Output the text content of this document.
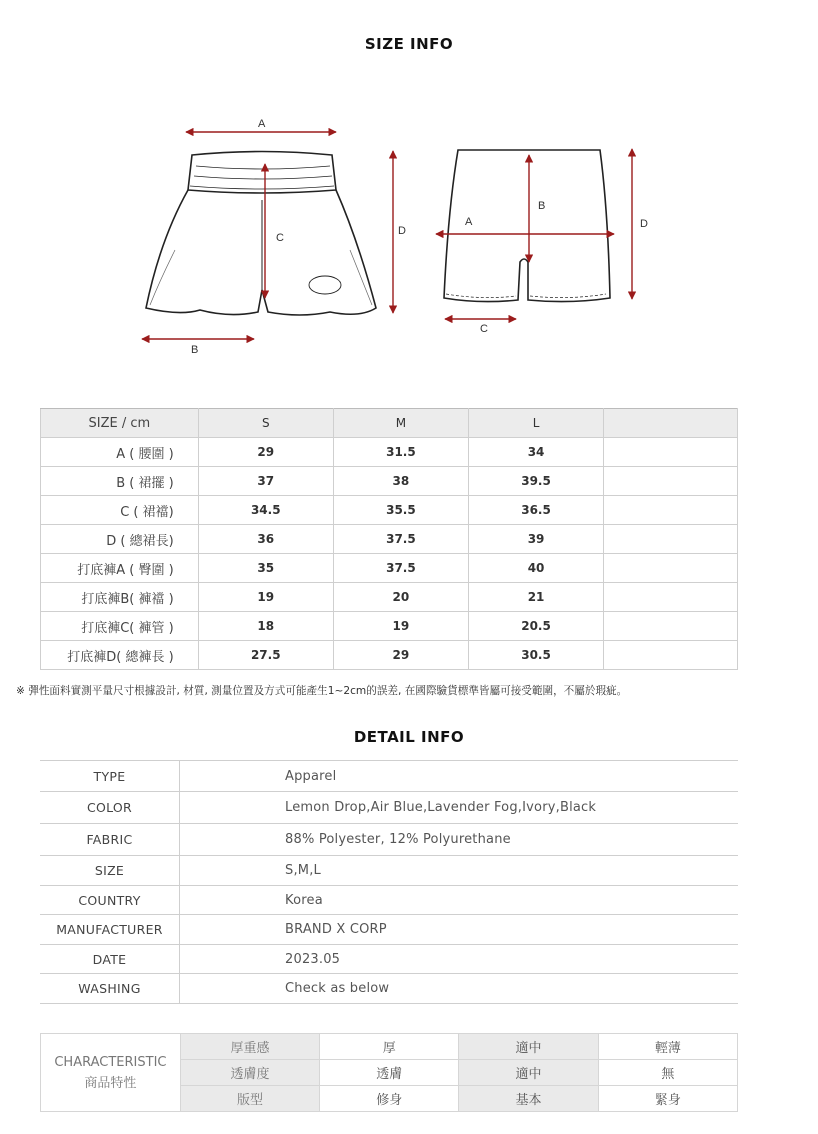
SIZE INFO
A
B
C
D
A
B
C
D
SIZE / cm	S	M	L	
A ( 腰圍 )	29	31.5	34	
B ( 裙擺 )	37	38	39.5	
C ( 裙襠)	34.5	35.5	36.5	
D ( 總裙長)	36	37.5	39	
打底褲A ( 臀圍 )	35	37.5	40	
打底褲B( 褲襠 )	19	20	21	
打底褲C( 褲管 )	18	19	20.5	
打底褲D( 總褲長 )	27.5	29	30.5	
※ 彈性面料實測平量尺寸根據設計, 材質, 測量位置及方式可能產生1~2cm的誤差, 在國際驗貨標準皆屬可接受範圍，不屬於瑕疵。
DETAIL INFO
TYPE	Apparel
COLOR	Lemon Drop,Air Blue,Lavender Fog,Ivory,Black
FABRIC	88% Polyester, 12% Polyurethane
SIZE	S,M,L
COUNTRY	Korea
MANUFACTURER	BRAND X CORP
DATE	2023.05
WASHING	Check as below
CHARACTERISTIC
商品特性	厚重感	厚	適中	輕薄
	透膚度	透膚	適中	無
	版型	修身	基本	緊身
